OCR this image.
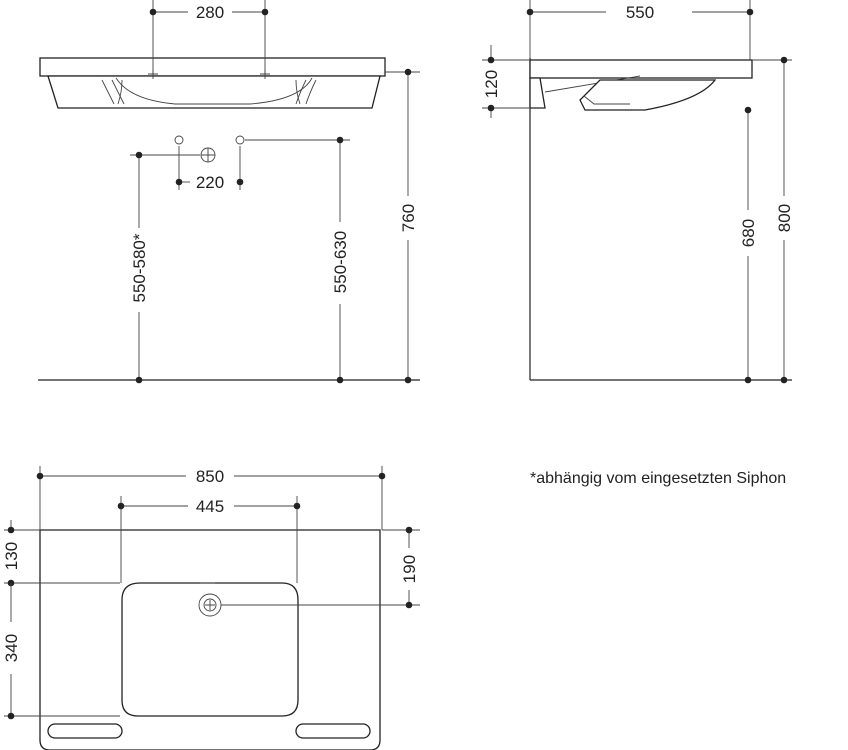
280
220
550-580*	550-630
760
550
120
680
800
850
445
130
340
190
*abhängig vom eingesetzten Siphon
